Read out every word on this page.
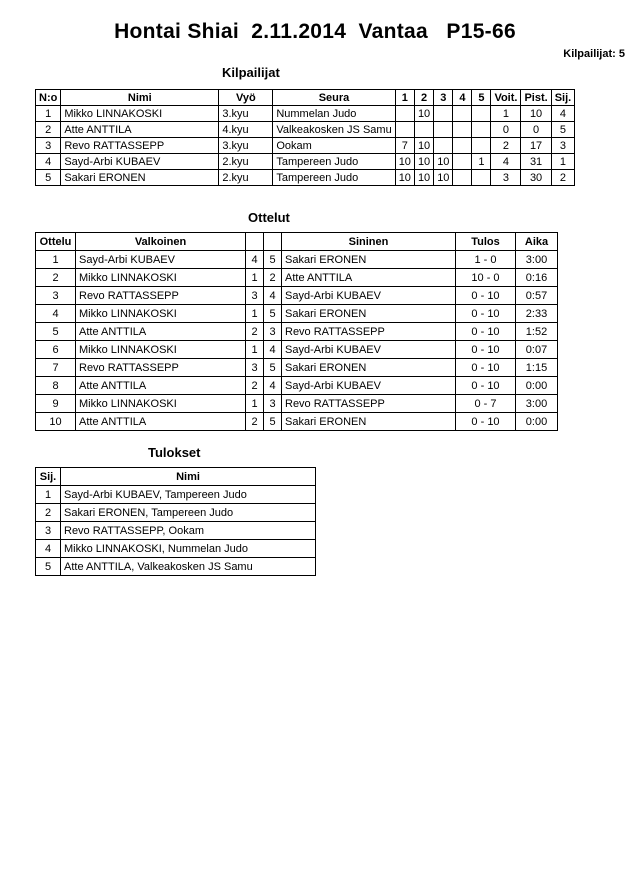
Hontai Shiai  2.11.2014  Vantaa   P15-66
Kilpailijat: 5
Kilpailijat
N:o	Nimi	Vyö	Seura	1	2	3	4	5	Voit.	Pist.	Sij.
1	Mikko LINNAKOSKI	3.kyu	Nummelan Judo		10				1	10	4
2	Atte ANTTILA	4.kyu	Valkeakosken JS Samu						0	0	5
3	Revo RATTASSEPP	3.kyu	Ookam	7	10				2	17	3
4	Sayd-Arbi KUBAEV	2.kyu	Tampereen Judo	10	10	10		1	4	31	1
5	Sakari ERONEN	2.kyu	Tampereen Judo	10	10	10			3	30	2
Ottelut
Ottelu	Valkoinen			Sininen	Tulos	Aika
1	Sayd-Arbi KUBAEV	4	5	Sakari ERONEN	1 - 0	3:00
2	Mikko LINNAKOSKI	1	2	Atte ANTTILA	10 - 0	0:16
3	Revo RATTASSEPP	3	4	Sayd-Arbi KUBAEV	0 - 10	0:57
4	Mikko LINNAKOSKI	1	5	Sakari ERONEN	0 - 10	2:33
5	Atte ANTTILA	2	3	Revo RATTASSEPP	0 - 10	1:52
6	Mikko LINNAKOSKI	1	4	Sayd-Arbi KUBAEV	0 - 10	0:07
7	Revo RATTASSEPP	3	5	Sakari ERONEN	0 - 10	1:15
8	Atte ANTTILA	2	4	Sayd-Arbi KUBAEV	0 - 10	0:00
9	Mikko LINNAKOSKI	1	3	Revo RATTASSEPP	0 - 7	3:00
10	Atte ANTTILA	2	5	Sakari ERONEN	0 - 10	0:00
Tulokset
Sij.	Nimi
1	Sayd-Arbi KUBAEV, Tampereen Judo
2	Sakari ERONEN, Tampereen Judo
3	Revo RATTASSEPP, Ookam
4	Mikko LINNAKOSKI, Nummelan Judo
5	Atte ANTTILA, Valkeakosken JS Samu
